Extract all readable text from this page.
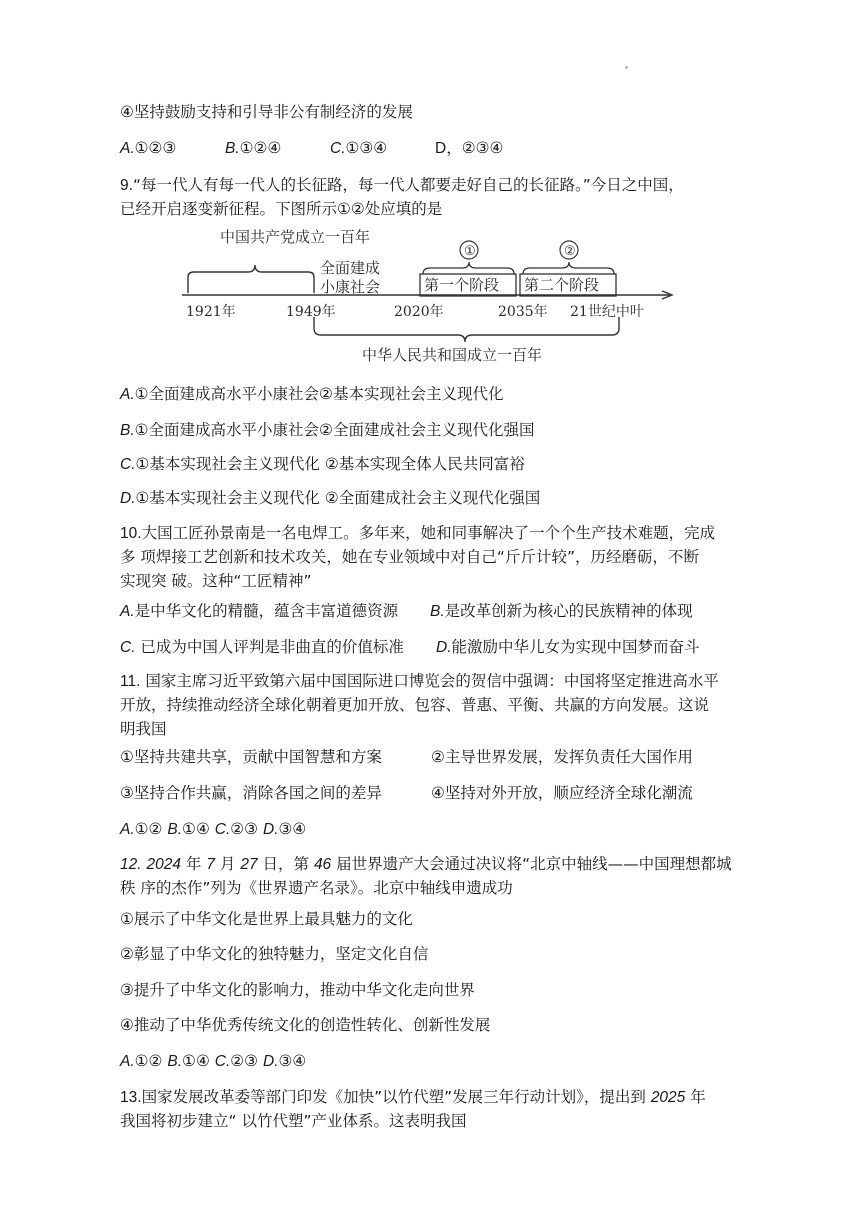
④坚持鼓励支持和引导非公有制经济的发展
A.①②③	B.①②④	C.①③④	D，②③④
9.“每一代人有每一代人的长征路，每一代人都要走好自己的长征路。”今日之中国，
已经开启逐变新征程。下图所示①②处应填的是
中国共产党成立一百年
全面建成
小康社会	第一个阶段
①
第二个阶段
②
1921年	1949年	2020年	2035年 21世纪中叶
中华人民共和国成立一百年
A.①全面建成高水平小康社会②基本实现社会主义现代化
B.①全面建成高水平小康社会②全面建成社会主义现代化强国
C.①基本实现社会主义现代化 ②基本实现全体人民共同富裕
D.①基本实现社会主义现代化 ②全面建成社会主义现代化强国
10.大国工匠孙景南是一名电焊工。多年来，她和同事解决了一个个生产技术难题，完成
多 项焊接工艺创新和技术攻关，她在专业领域中对自己“斤斤计较”，历经磨砺，不断
实现突 破。这种“工匠精神”
A.是中华文化的精髓，蕴含丰富道德资源 B.是改革创新为核心的民族精神的体现
C. 已成为中国人评判是非曲直的价值标准 D.能激励中华儿女为实现中国梦而奋斗
11. 国家主席习近平致第六届中国国际进口博览会的贺信中强调：中国将坚定推进高水平
开放，持续推动经济全球化朝着更加开放、包容、普惠、平衡、共赢的方向发展。这说
明我国
①坚持共建共享，贡献中国智慧和方案	②主导世界发展，发挥负责任大国作用
③坚持合作共赢，消除各国之间的差异	④坚持对外开放，顺应经济全球化潮流
A.①② B.①④ C.②③ D.③④
12. 2024 年 7 月 27 日，第 46 届世界遗产大会通过决议将“北京中轴线——中国理想都城
秩 序的杰作”列为《世界遗产名录》。北京中轴线申遗成功
①展示了中华文化是世界上最具魅力的文化
②彰显了中华文化的独特魅力，坚定文化自信
③提升了中华文化的影响力，推动中华文化走向世界
④推动了中华优秀传统文化的创造性转化、创新性发展
A.①② B.①④ C.②③ D.③④
13.国家发展改革委等部门印发《加快”以竹代塑”发展三年行动计划》，提出到 2025 年
我国将初步建立“ 以竹代塑”产业体系。这表明我国
